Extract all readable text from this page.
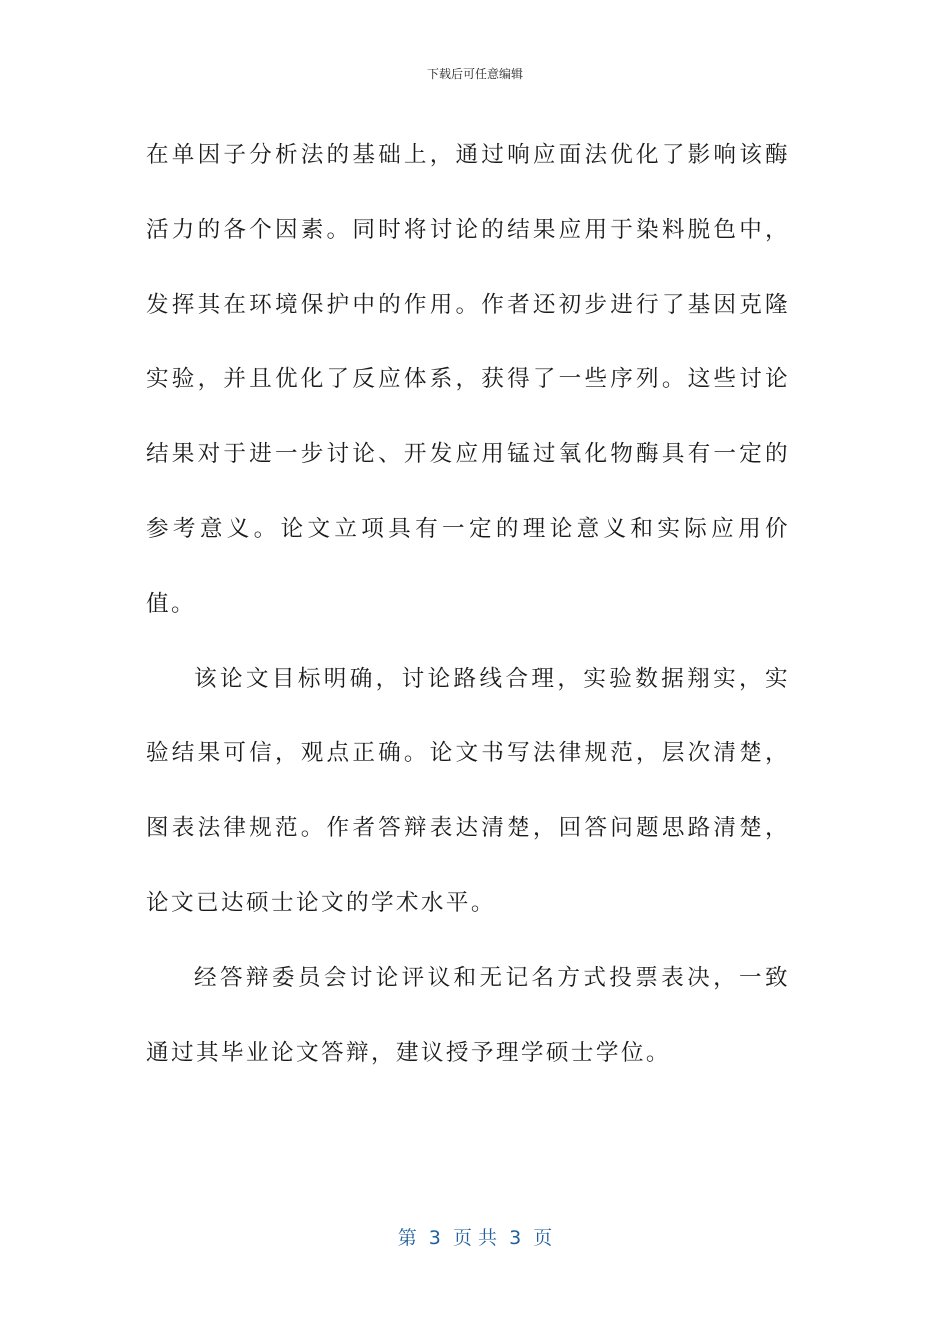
下载后可任意编辑

在单因子分析法的基础上，通过响应面法优化了影响该酶活力的各个因素。同时将讨论的结果应用于染料脱色中，发挥其在环境保护中的作用。作者还初步进行了基因克隆实验，并且优化了反应体系，获得了一些序列。这些讨论结果对于进一步讨论、开发应用锰过氧化物酶具有一定的参考意义。论文立项具有一定的理论意义和实际应用价值。

该论文目标明确，讨论路线合理，实验数据翔实，实验结果可信，观点正确。论文书写法律规范，层次清楚，图表法律规范。作者答辩表达清楚，回答问题思路清楚，论文已达硕士论文的学术水平。

经答辩委员会讨论评议和无记名方式投票表决，一致通过其毕业论文答辩，建议授予理学硕士学位。

第  3  页 共  3  页
